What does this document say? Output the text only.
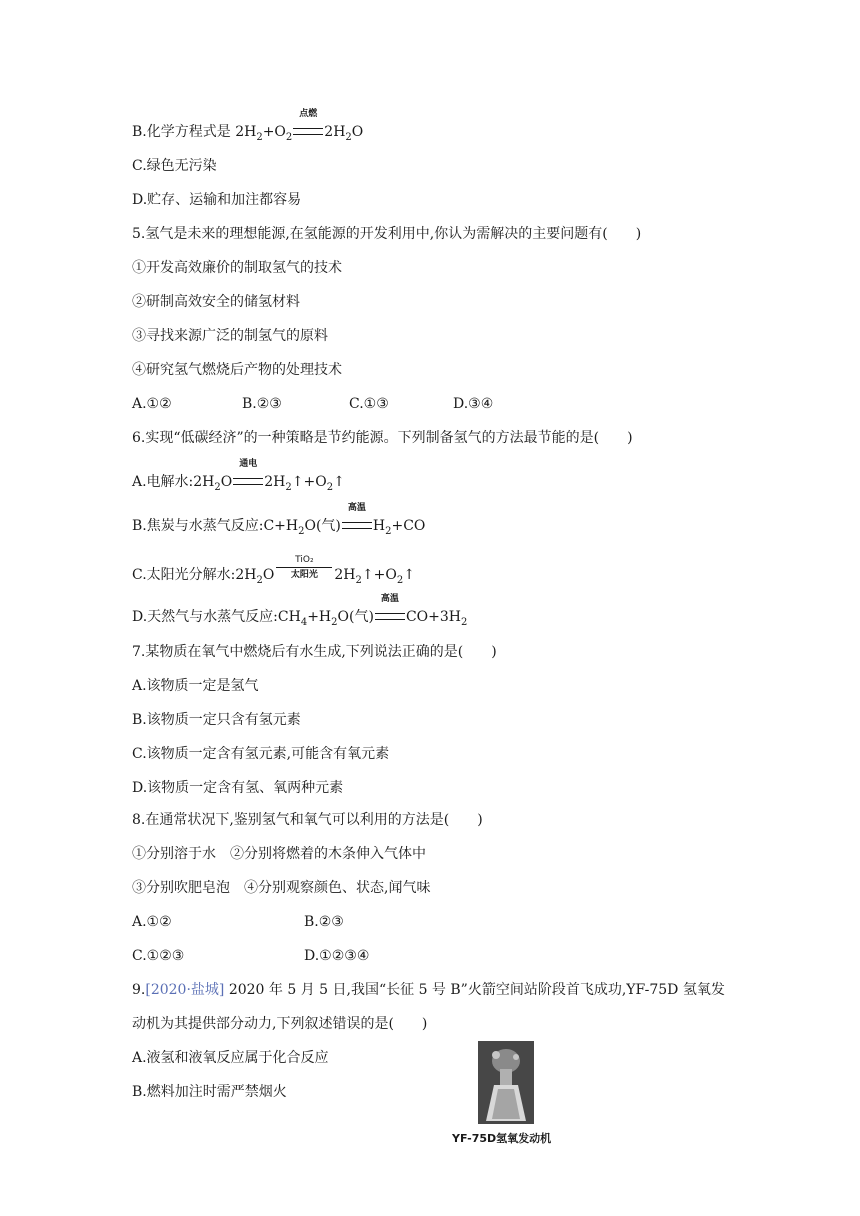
B.化学方程式是 $2H_2+O_2$
点燃
$2H_2O$
C.绿色无污染
D.贮存、运输和加注都容易
5.氢气是未来的理想能源,在氢能源的开发利用中,你认为需解决的主要问题有(　　)
①开发高效廉价的制取氢气的技术
②研制高效安全的储氢材料
③寻找来源广泛的制氢气的原料
④研究氢气燃烧后产物的处理技术
A.①②	B.②③	C.①③	D.③④
6.实现“低碳经济”的一种策略是节约能源。下列制备氢气的方法最节能的是(　　)
A.电解水$:2H_2O$
通电
$2H_2↑+O_2↑$
B.焦炭与水蒸气反应$:C+H_2O$(气)
高温
$H_2+CO$
C.太阳光分解水$:2H_2O \frac{\text{TiO₂}}{\text{太阳光}}$ $2H_2↑+O_2↑$
D.天然气与水蒸气反应$:CH_4+H_2O$(气)
高温
$CO+3H_2$
7.某物质在氧气中燃烧后有水生成,下列说法正确的是(　　)
A.该物质一定是氢气
B.该物质一定只含有氢元素
C.该物质一定含有氢元素,可能含有氧元素
D.该物质一定含有氢、氧两种元素
8.在通常状况下,鉴别氢气和氧气可以利用的方法是(　　)
①分别溶于水　②分别将燃着的木条伸入气体中
③分别吹肥皂泡　④分别观察颜色、状态,闻气味
A.①②	B.②③
C.①②③	D.①②③④
9.[2020·盐城] 2020 年 5 月 5 日,我国“长征 5 号 B”火箭空间站阶段首飞成功,YF-75D 氢氧发
动机为其提供部分动力,下列叙述错误的是(　　)
A.液氢和液氧反应属于化合反应
B.燃料加注时需严禁烟火
YF-75D氢氧发动机
